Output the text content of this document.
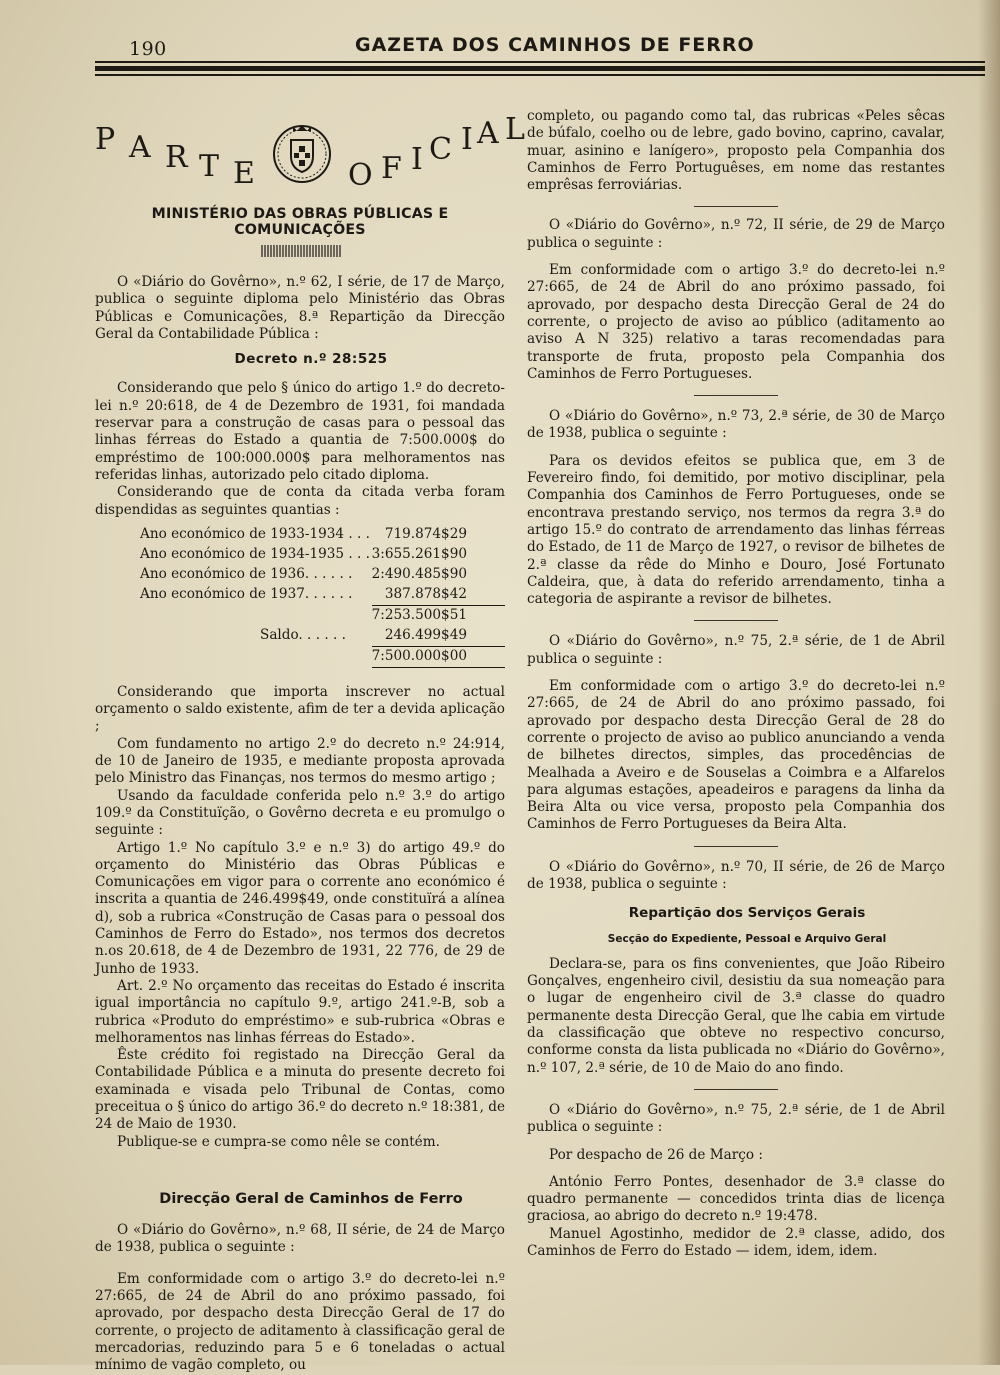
190	GAZETA DOS CAMINHOS DE FERRO
P A R T E	O F I C I A L
MINISTÉRIO DAS OBRAS PÚBLICAS E COMUNICAÇÕES

O «Diário do Govêrno», n.º 62, I série, de 17 de Março, publica o seguinte diploma pelo Ministério das Obras Públicas e Comunicações, 8.ª Repartição da Direcção Geral da Contabilidade Pública :

Decreto n.º 28:525

Considerando que pelo § único do artigo 1.º do decreto-lei n.º 20:618, de 4 de Dezembro de 1931, foi mandada reservar para a construção de casas para o pessoal das linhas férreas do Estado a quantia de 7:500.000$ do empréstimo de 100:000.000$ para melhoramentos nas referidas linhas, autorizado pelo citado diploma.

Considerando que de conta da citada verba foram dispendidas as seguintes quantias :

Ano económico de 1933-1934 . . .	719.874$29
Ano económico de 1934-1935 . . .	3:655.261$90
Ano económico de 1936. . . . . .	2:490.485$90
Ano económico de 1937. . . . . .	387.878$42
	7:253.500$51
Saldo. . . . . .	246.499$49
	7:500.000$00

Considerando que importa inscrever no actual orçamento o saldo existente, afim de ter a devida aplicação ;

Com fundamento no artigo 2.º do decreto n.º 24:914, de 10 de Janeiro de 1935, e mediante proposta aprovada pelo Ministro das Finanças, nos termos do mesmo artigo ;

Usando da faculdade conferida pelo n.º 3.º do artigo 109.º da Constituïção, o Govêrno decreta e eu promulgo o seguinte :

Artigo 1.º No capítulo 3.º e n.º 3) do artigo 49.º do orçamento do Ministério das Obras Públicas e Comunicações em vigor para o corrente ano económico é inscrita a quantia de 246.499$49, onde constituïrá a alínea d), sob a rubrica «Construção de Casas para o pessoal dos Caminhos de Ferro do Estado», nos termos dos decretos n.os 20.618, de 4 de Dezembro de 1931, 22 776, de 29 de Junho de 1933.

Art. 2.º No orçamento das receitas do Estado é inscrita igual importância no capítulo 9.º, artigo 241.º-B, sob a rubrica «Produto do empréstimo» e sub-rubrica «Obras e melhoramentos nas linhas férreas do Estado».

Êste crédito foi registado na Direcção Geral da Contabilidade Pública e a minuta do presente decreto foi examinada e visada pelo Tribunal de Contas, como preceitua o § único do artigo 36.º do decreto n.º 18:381, de 24 de Maio de 1930.

Publique-se e cumpra-se como nêle se contém.

Direcção Geral de Caminhos de Ferro

O «Diário do Govêrno», n.º 68, II série, de 24 de Março de 1938, publica o seguinte :

Em conformidade com o artigo 3.º do decreto-lei n.º 27:665, de 24 de Abril do ano próximo passado, foi aprovado, por despacho desta Direcção Geral de 17 do corrente, o projecto de aditamento à classificação geral de mercadorias, reduzindo para 5 e 6 toneladas o actual mínimo de vagão completo, ou

completo, ou pagando como tal, das rubricas «Peles sêcas de búfalo, coelho ou de lebre, gado bovino, caprino, cavalar, muar, asinino e lanígero», proposto pela Companhia dos Caminhos de Ferro Portuguêses, em nome das restantes emprêsas ferroviárias.

O «Diário do Govêrno», n.º 72, II série, de 29 de Março publica o seguinte :

Em conformidade com o artigo 3.º do decreto-lei n.º 27:665, de 24 de Abril do ano próximo passado, foi aprovado, por despacho desta Direcção Geral de 24 do corrente, o projecto de aviso ao público (aditamento ao aviso A N 325) relativo a taras recomendadas para transporte de fruta, proposto pela Companhia dos Caminhos de Ferro Portugueses.

O «Diário do Govêrno», n.º 73, 2.ª série, de 30 de Março de 1938, publica o seguinte :

Para os devidos efeitos se publica que, em 3 de Fevereiro findo, foi demitido, por motivo disciplinar, pela Companhia dos Caminhos de Ferro Portugueses, onde se encontrava prestando serviço, nos termos da regra 3.ª do artigo 15.º do contrato de arrendamento das linhas férreas do Estado, de 11 de Março de 1927, o revisor de bilhetes de 2.ª classe da rêde do Minho e Douro, José Fortunato Caldeira, que, à data do referido arrendamento, tinha a categoria de aspirante a revisor de bilhetes.

O «Diário do Govêrno», n.º 75, 2.ª série, de 1 de Abril publica o seguinte :

Em conformidade com o artigo 3.º do decreto-lei n.º 27:665, de 24 de Abril do ano próximo passado, foi aprovado por despacho desta Direcção Geral de 28 do corrente o projecto de aviso ao publico anunciando a venda de bilhetes directos, simples, das procedências de Mealhada a Aveiro e de Souselas a Coimbra e a Alfarelos para algumas estações, apeadeiros e paragens da linha da Beira Alta ou vice versa, proposto pela Companhia dos Caminhos de Ferro Portugueses da Beira Alta.

O «Diário do Govêrno», n.º 70, II série, de 26 de Março de 1938, publica o seguinte :

Repartição dos Serviços Gerais

Secção do Expediente, Pessoal e Arquivo Geral

Declara-se, para os fins convenientes, que João Ribeiro Gonçalves, engenheiro civil, desistiu da sua nomeação para o lugar de engenheiro civil de 3.ª classe do quadro permanente desta Direcção Geral, que lhe cabia em virtude da classificação que obteve no respectivo concurso, conforme consta da lista publicada no «Diário do Govêrno», n.º 107, 2.ª série, de 10 de Maio do ano findo.

O «Diário do Govêrno», n.º 75, 2.ª série, de 1 de Abril publica o seguinte :

Por despacho de 26 de Março :

António Ferro Pontes, desenhador de 3.ª classe do quadro permanente — concedidos trinta dias de licença graciosa, ao abrigo do decreto n.º 19:478.

Manuel Agostinho, medidor de 2.ª classe, adido, dos Caminhos de Ferro do Estado — idem, idem, idem.
